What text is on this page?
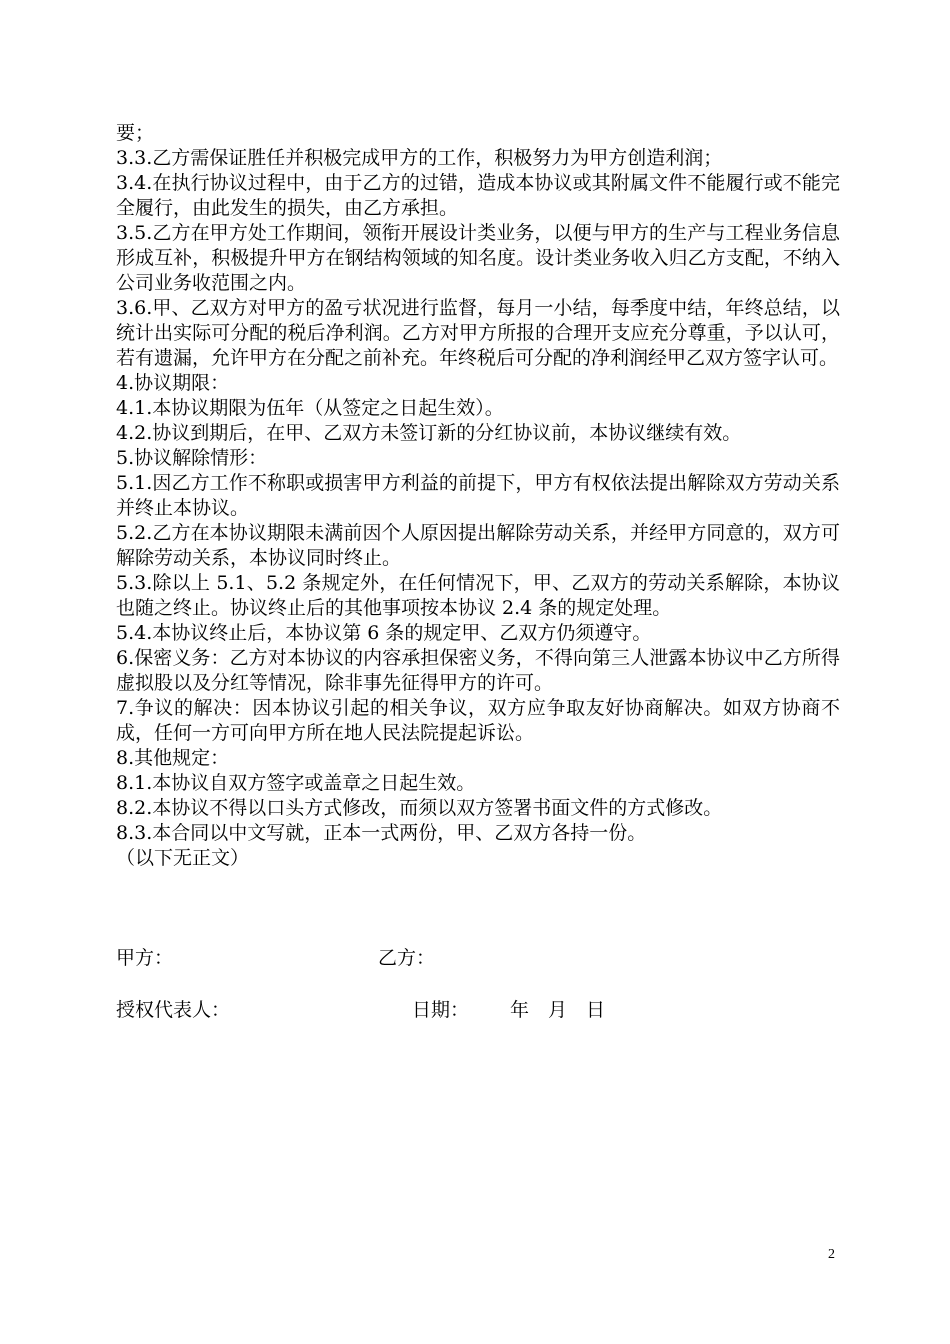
要；

3.3.乙方需保证胜任并积极完成甲方的工作，积极努力为甲方创造利润；

3.4.在执行协议过程中，由于乙方的过错，造成本协议或其附属文件不能履行或不能完全履行，由此发生的损失，由乙方承担。

3.5.乙方在甲方处工作期间，领衔开展设计类业务，以便与甲方的生产与工程业务信息形成互补，积极提升甲方在钢结构领域的知名度。设计类业务收入归乙方支配，不纳入公司业务收范围之内。

3.6.甲、乙双方对甲方的盈亏状况进行监督，每月一小结，每季度中结，年终总结，以统计出实际可分配的税后净利润。乙方对甲方所报的合理开支应充分尊重，予以认可，若有遗漏，允许甲方在分配之前补充。年终税后可分配的净利润经甲乙双方签字认可。

4.协议期限：

4.1.本协议期限为伍年（从签定之日起生效）。

4.2.协议到期后，在甲、乙双方未签订新的分红协议前，本协议继续有效。

5.协议解除情形：

5.1.因乙方工作不称职或损害甲方利益的前提下，甲方有权依法提出解除双方劳动关系并终止本协议。

5.2.乙方在本协议期限未满前因个人原因提出解除劳动关系，并经甲方同意的，双方可解除劳动关系，本协议同时终止。

5.3.除以上 5.1、5.2 条规定外，在任何情况下，甲、乙双方的劳动关系解除，本协议也随之终止。协议终止后的其他事项按本协议 2.4 条的规定处理。

5.4.本协议终止后，本协议第 6 条的规定甲、乙双方仍须遵守。

6.保密义务：乙方对本协议的内容承担保密义务，不得向第三人泄露本协议中乙方所得虚拟股以及分红等情况，除非事先征得甲方的许可。

7.争议的解决：因本协议引起的相关争议，双方应争取友好协商解决。如双方协商不成，任何一方可向甲方所在地人民法院提起诉讼。

8.其他规定：

8.1.本协议自双方签字或盖章之日起生效。

8.2.本协议不得以口头方式修改，而须以双方签署书面文件的方式修改。

8.3.本合同以中文写就，正本一式两份，甲、乙双方各持一份。

（以下无正文）

甲方：	乙方：
授权代表人：	日期： 年　月　日
2
